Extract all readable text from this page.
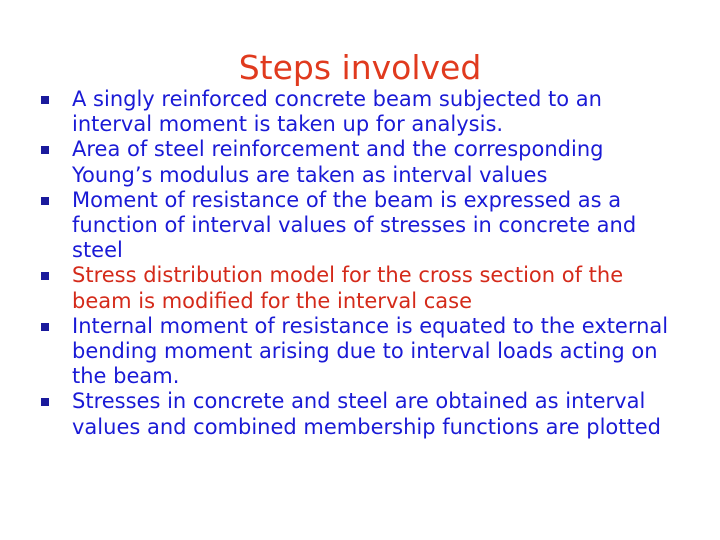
Steps involved
A singly reinforced concrete beam subjected to an interval moment is taken up for analysis.
Area of steel reinforcement and the corresponding Young’s modulus are taken as interval values
Moment of resistance of the beam is expressed as a function of interval values of stresses in concrete and steel
Stress distribution model for the cross section of the beam is modified for the interval case
Internal moment of resistance is equated to the external bending moment arising due to interval loads acting on the beam.
Stresses in concrete and steel are obtained as interval values and combined membership functions are plotted
